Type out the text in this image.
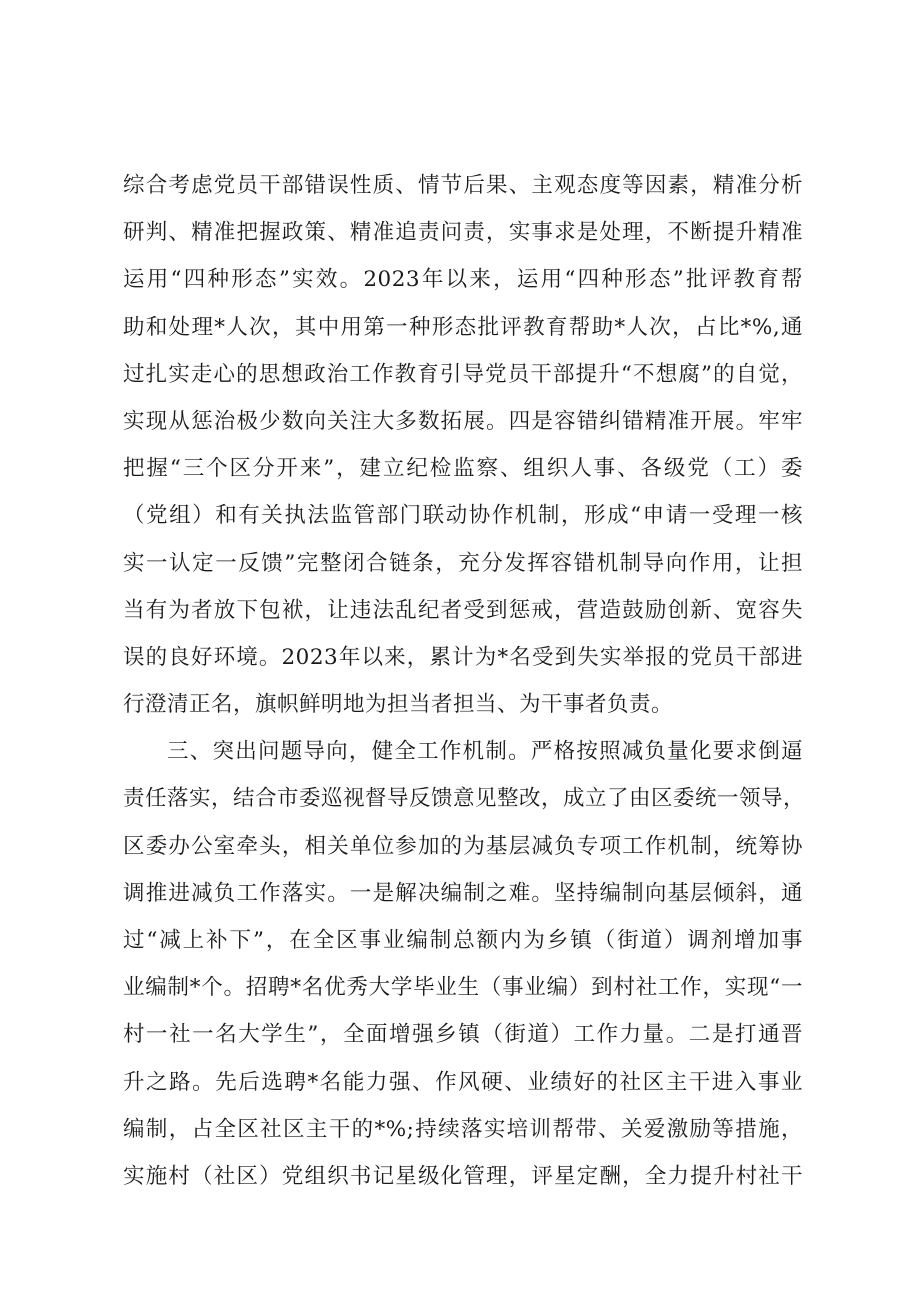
综合考虑党员干部错误性质、情节后果、主观态度等因素，精准分析
研判、精准把握政策、精准追责问责，实事求是处理，不断提升精准
运用“四种形态”实效。2023年以来，运用“四种形态”批评教育帮
助和处理*人次，其中用第一种形态批评教育帮助*人次，占比*%,通
过扎实走心的思想政治工作教育引导党员干部提升“不想腐”的自觉，
实现从惩治极少数向关注大多数拓展。四是容错纠错精准开展。牢牢
把握“三个区分开来”，建立纪检监察、组织人事、各级党（工）委
（党组）和有关执法监管部门联动协作机制，形成“申请一受理一核
实一认定一反馈”完整闭合链条，充分发挥容错机制导向作用，让担
当有为者放下包袱，让违法乱纪者受到惩戒，营造鼓励创新、宽容失
误的良好环境。2023年以来，累计为*名受到失实举报的党员干部进
行澄清正名，旗帜鲜明地为担当者担当、为干事者负责。
三、突出问题导向，健全工作机制。严格按照减负量化要求倒逼
责任落实，结合市委巡视督导反馈意见整改，成立了由区委统一领导，
区委办公室牵头，相关单位参加的为基层减负专项工作机制，统筹协
调推进减负工作落实。一是解决编制之难。坚持编制向基层倾斜，通
过“减上补下”，在全区事业编制总额内为乡镇（街道）调剂增加事
业编制*个。招聘*名优秀大学毕业生（事业编）到村社工作，实现“一
村一社一名大学生”，全面增强乡镇（街道）工作力量。二是打通晋
升之路。先后选聘*名能力强、作风硬、业绩好的社区主干进入事业
编制，占全区社区主干的*%;持续落实培训帮带、关爱激励等措施，
实施村（社区）党组织书记星级化管理，评星定酬，全力提升村社干
